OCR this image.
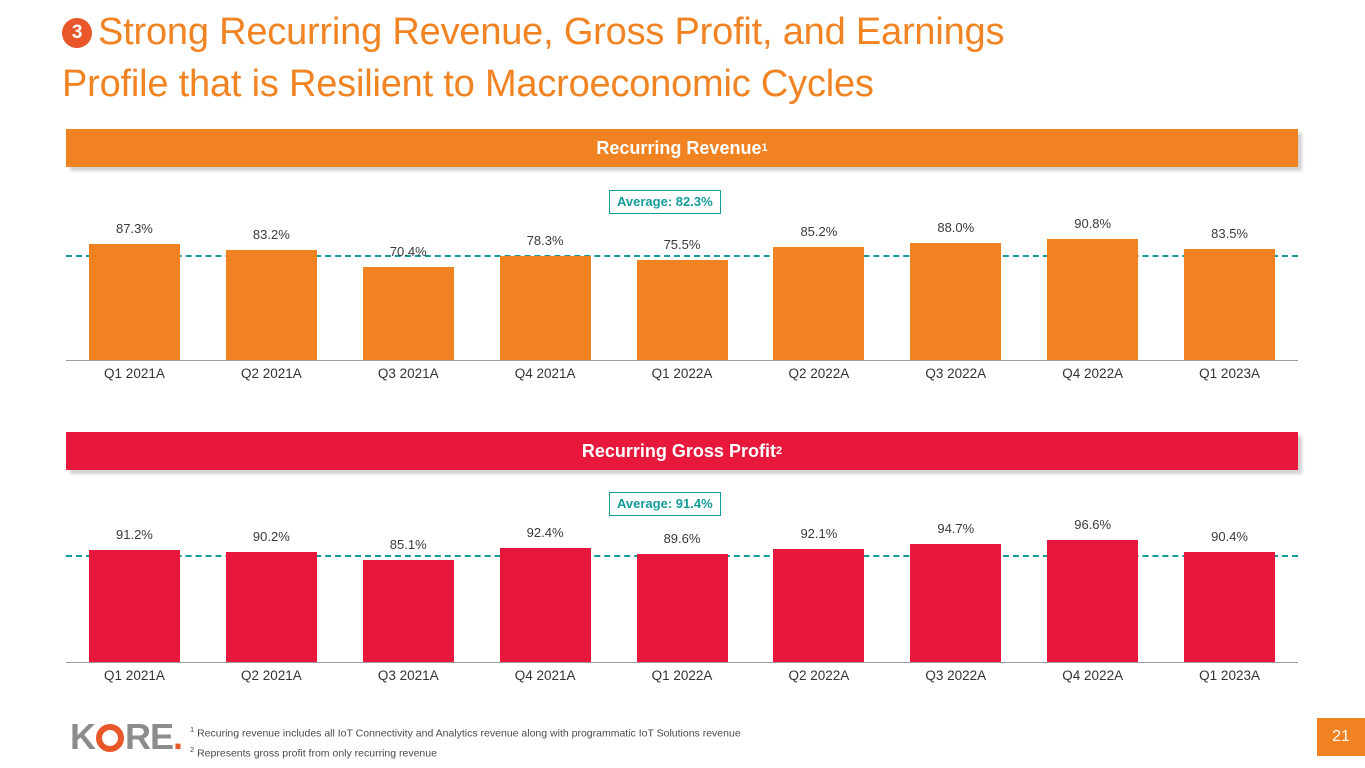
3 Strong Recurring Revenue, Gross Profit, and Earnings
Profile that is Resilient to Macroeconomic Cycles
Recurring Revenue 1
Average: 82.3%
87.3%	83.2%
70.4%
78.3%	75.5%
85.2%	88.0%	90.8%
83.5%
Q1 2021A	Q2 2021A	Q3 2021A	Q4 2021A	Q1 2022A	Q2 2022A	Q3 2022A	Q4 2022A	Q1 2023A
Recurring Gross Profit 2
Average: 91.4%
91.2%	90.2%
85.1%
92.4%	89.6%	92.1%	94.7%	96.6%
90.4%
Q1 2021A	Q2 2021A	Q3 2021A	Q4 2021A	Q1 2022A	Q2 2022A	Q3 2022A	Q4 2022A	Q1 2023A
K RE. $^1$ Recuring revenue includes all IoT Connectivity and Analytics revenue along with programmatic IoT Solutions revenue
$^2$ Represents gross profit from only recurring revenue
21
